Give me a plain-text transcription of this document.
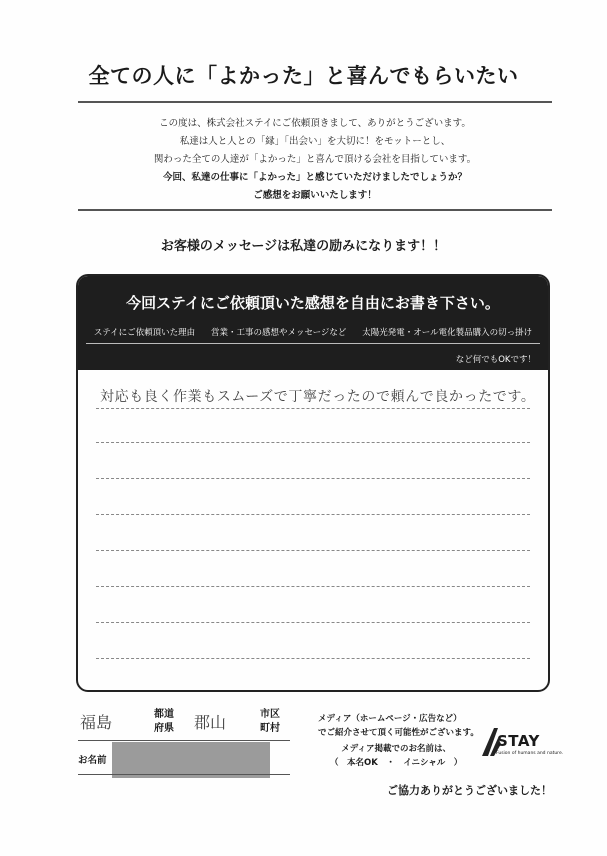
全ての人に「よかった」と喜んでもらいたい
この度は、株式会社ステイにご依頼頂きまして、ありがとうございます。
私達は人と人との「縁」「出会い」を大切に！をモットーとし、
関わった全ての人達が「よかった」と喜んで頂ける会社を目指しています。
今回、私達の仕事に「よかった」と感じていただけましたでしょうか？
ご感想をお願いいたします！
お客様のメッセージは私達の励みになります！！
今回ステイにご依頼頂いた感想を自由にお書き下さい。
ステイにご依頼頂いた理由 営業・工事の感想やメッセージなど 太陽光発電・オール電化製品購入の切っ掛け
など何でもOKです！
対応も良く作業もスムーズで丁寧だったので頼んで良かったです。
福島	都道
府県 郡山	市区
町村
お名前
メディア（ホームページ・広告など）
でご紹介させて頂く可能性がございます。
メディア掲載でのお名前は、
（　本名OK　・　イニシャル　）
STAY
Fusion of humans and nature.
ご協力ありがとうございました！
